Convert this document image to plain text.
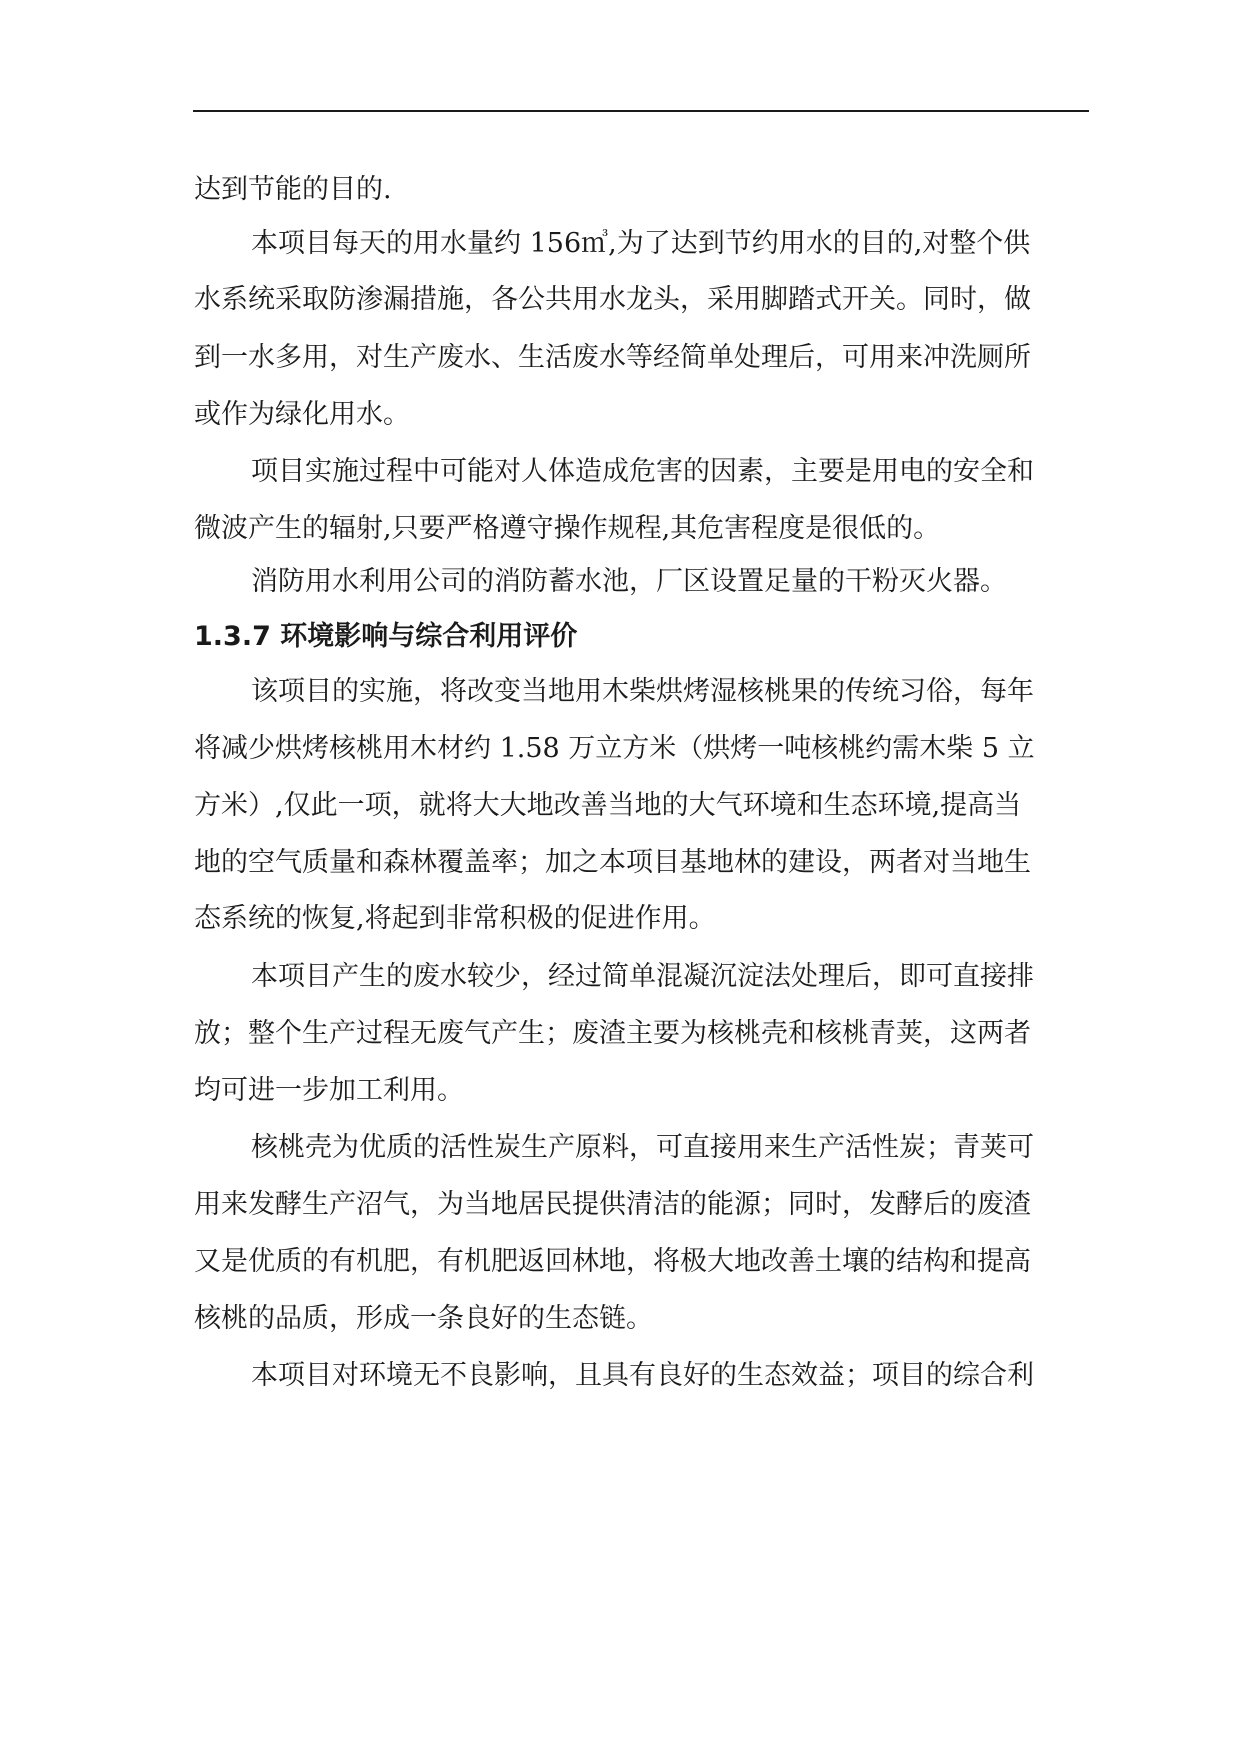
达到节能的目的.
本项目每天的用水量约 156㎥,为了达到节约用水的目的,对整个供
水系统采取防渗漏措施，各公共用水龙头，采用脚踏式开关。同时，做
到一水多用，对生产废水、生活废水等经简单处理后，可用来冲洗厕所
或作为绿化用水。
项目实施过程中可能对人体造成危害的因素，主要是用电的安全和
微波产生的辐射,只要严格遵守操作规程,其危害程度是很低的。
消防用水利用公司的消防蓄水池，厂区设置足量的干粉灭火器。
1.3.7 环境影响与综合利用评价
该项目的实施，将改变当地用木柴烘烤湿核桃果的传统习俗，每年
将减少烘烤核桃用木材约 1.58 万立方米（烘烤一吨核桃约需木柴 5 立
方米）,仅此一项，就将大大地改善当地的大气环境和生态环境,提高当
地的空气质量和森林覆盖率；加之本项目基地林的建设，两者对当地生
态系统的恢复,将起到非常积极的促进作用。
本项目产生的废水较少，经过简单混凝沉淀法处理后，即可直接排
放；整个生产过程无废气产生；废渣主要为核桃壳和核桃青荚，这两者
均可进一步加工利用。
核桃壳为优质的活性炭生产原料，可直接用来生产活性炭；青荚可
用来发酵生产沼气，为当地居民提供清洁的能源；同时，发酵后的废渣
又是优质的有机肥，有机肥返回林地，将极大地改善土壤的结构和提高
核桃的品质，形成一条良好的生态链。
本项目对环境无不良影响，且具有良好的生态效益；项目的综合利
